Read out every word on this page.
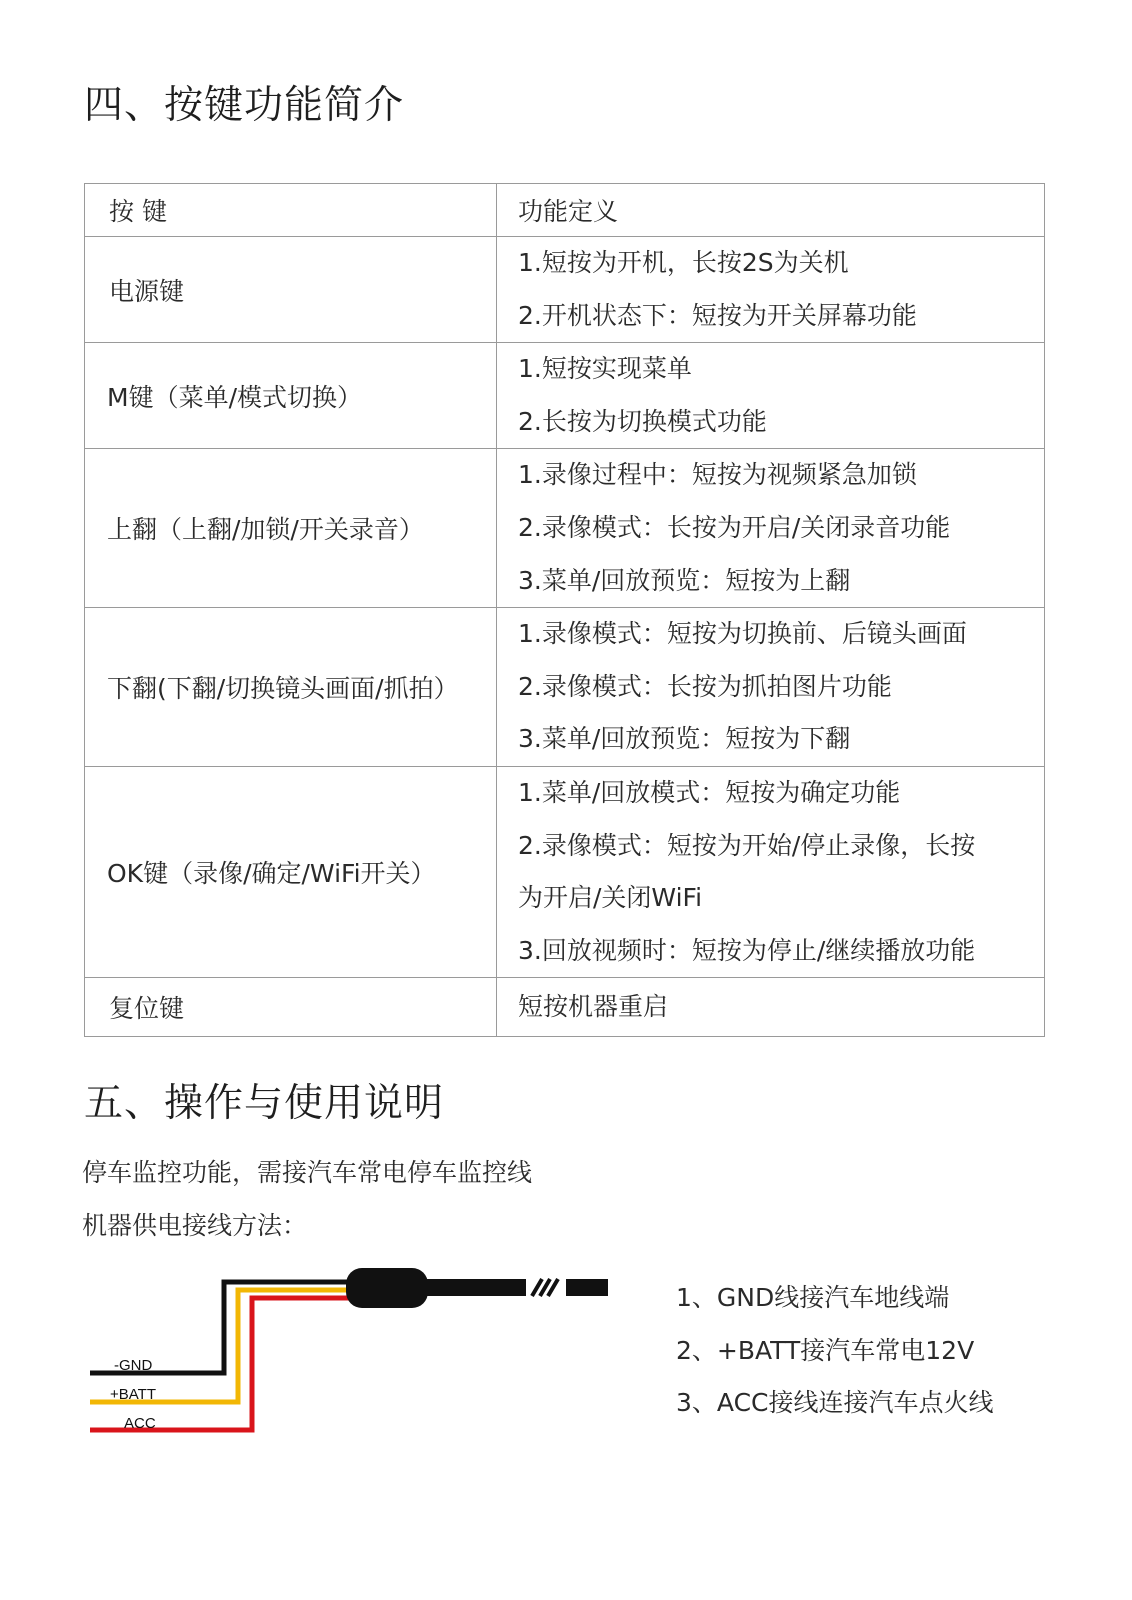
四、按键功能简介
按 键	功能定义
电源键	1.短按为开机，长按2S为关机
2.开机状态下：短按为开关屏幕功能

M键（菜单/模式切换）	1.短按实现菜单
2.长按为切换模式功能

上翻（上翻/加锁/开关录音）	1.录像过程中：短按为视频紧急加锁
2.录像模式：长按为开启/关闭录音功能
3.菜单/回放预览：短按为上翻

下翻(下翻/切换镜头画面/抓拍）	1.录像模式：短按为切换前、后镜头画面
2.录像模式：长按为抓拍图片功能
3.菜单/回放预览：短按为下翻

OK键（录像/确定/WiFi开关）	1.菜单/回放模式：短按为确定功能
2.录像模式：短按为开始/停止录像，长按
为开启/关闭WiFi
3.回放视频时：短按为停止/继续播放功能

复位键	短按机器重启
五、操作与使用说明

停车监控功能，需接汽车常电停车监控线

机器供电接线方法：

-GND
+BATT
ACC
1、GND线接汽车地线端
2、+BATT接汽车常电12V
3、ACC接线连接汽车点火线
